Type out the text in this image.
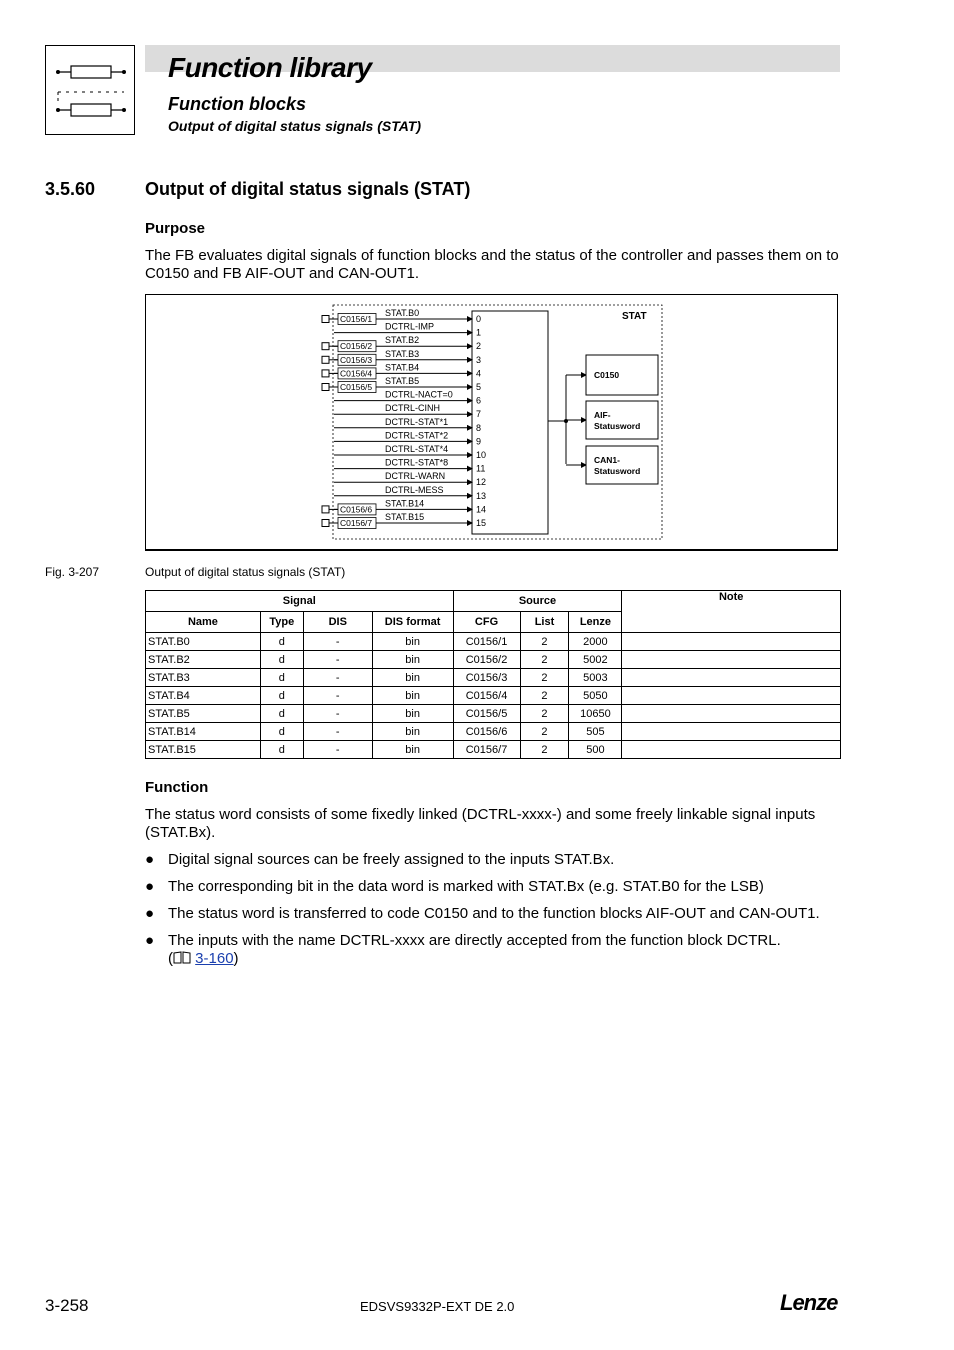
Function library
Function blocks
Output of digital status signals (STAT)
3.5.60	Output of digital status signals (STAT)
Purpose
The FB evaluates digital signals of function blocks and the status of the controller and passes them on to C0150 and FB AIF-OUT and CAN-OUT1.
STAT
STAT.B0
0
C0156/1
DCTRL-IMP
1
STAT.B2
2
C0156/2
STAT.B3
3
C0156/3
STAT.B4
4
C0156/4
STAT.B5
5
C0156/5
DCTRL-NACT=0
6
DCTRL-CINH
7
DCTRL-STAT*1
8
DCTRL-STAT*2
9
DCTRL-STAT*4
10
DCTRL-STAT*8
11
DCTRL-WARN
12
DCTRL-MESS
13
STAT.B14
14
C0156/6
STAT.B15
15
C0156/7
C0150
AIF-
Statusword
CAN1-
Statusword
Fig. 3-207	Output of digital status signals (STAT)
Signal				Source			Note
Name	Type	DIS	DIS format	CFG	List	Lenze	
STAT.B0	d	-	bin	C0156/1	2	2000	
STAT.B2	d	-	bin	C0156/2	2	5002	
STAT.B3	d	-	bin	C0156/3	2	5003	
STAT.B4	d	-	bin	C0156/4	2	5050	
STAT.B5	d	-	bin	C0156/5	2	10650	
STAT.B14	d	-	bin	C0156/6	2	505	
STAT.B15	d	-	bin	C0156/7	2	500	
Function
The status word consists of some fixedly linked (DCTRL-xxxx-) and some freely linkable signal inputs (STAT.Bx).
● Digital signal sources can be freely assigned to the inputs STAT.Bx.
● The corresponding bit in the data word is marked with STAT.Bx (e.g. STAT.B0 for the LSB)
● The status word is transferred to code C0150 and to the function blocks AIF-OUT and CAN-OUT1.
● The inputs with the name DCTRL-xxxx are directly accepted from the function block DCTRL.
( 3-160)
3-258	EDSVS9332P-EXT DE 2.0	Lenze
